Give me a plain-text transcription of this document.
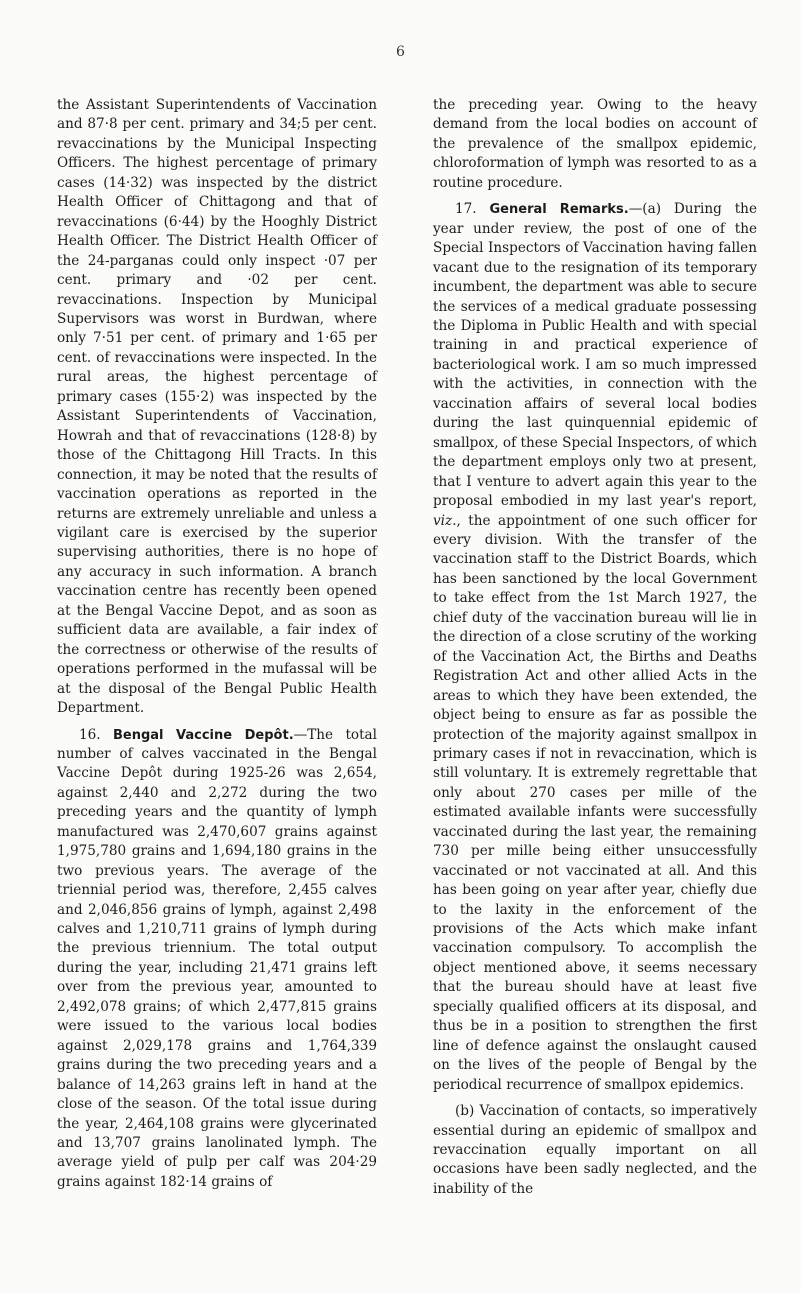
6

the Assistant Superintendents of Vaccination and 87·8 per cent. primary and 34;5 per cent. revaccinations by the Municipal Inspecting Officers. The highest percentage of primary cases (14·32) was inspected by the district Health Officer of Chittagong and that of revaccinations (6·44) by the Hooghly District Health Officer. The District Health Officer of the 24-parganas could only inspect ·07 per cent. primary and ·02 per cent. revaccinations. Inspection by Municipal Supervisors was worst in Burdwan, where only 7·51 per cent. of primary and 1·65 per cent. of revaccinations were inspected. In the rural areas, the highest percentage of primary cases (155·2) was inspected by the Assistant Superintendents of Vaccination, Howrah and that of revaccinations (128·8) by those of the Chittagong Hill Tracts. In this connection, it may be noted that the results of vaccination operations as reported in the returns are extremely unreliable and unless a vigilant care is exercised by the superior supervising authorities, there is no hope of any accuracy in such information. A branch vaccination centre has recently been opened at the Bengal Vaccine Depot, and as soon as sufficient data are available, a fair index of the correctness or otherwise of the results of operations performed in the mufassal will be at the disposal of the Bengal Public Health Department.

16. Bengal Vaccine Depôt.—The total number of calves vaccinated in the Bengal Vaccine Depôt during 1925-26 was 2,654, against 2,440 and 2,272 during the two preceding years and the quantity of lymph manufactured was 2,470,607 grains against 1,975,780 grains and 1,694,180 grains in the two previous years. The average of the triennial period was, therefore, 2,455 calves and 2,046,856 grains of lymph, against 2,498 calves and 1,210,711 grains of lymph during the previous triennium. The total output during the year, including 21,471 grains left over from the previous year, amounted to 2,492,078 grains; of which 2,477,815 grains were issued to the various local bodies against 2,029,178 grains and 1,764,339 grains during the two preceding years and a balance of 14,263 grains left in hand at the close of the season. Of the total issue during the year, 2,464,108 grains were glycerinated and 13,707 grains lanolinated lymph. The average yield of pulp per calf was 204·29 grains against 182·14 grains of

the preceding year. Owing to the heavy demand from the local bodies on account of the prevalence of the smallpox epidemic, chloroformation of lymph was resorted to as a routine procedure.

17. General Remarks.—(a) During the year under review, the post of one of the Special Inspectors of Vaccination having fallen vacant due to the resignation of its temporary incumbent, the department was able to secure the services of a medical graduate possessing the Diploma in Public Health and with special training in and practical experience of bacteriological work. I am so much impressed with the activities, in connection with the vaccination affairs of several local bodies during the last quinquennial epidemic of smallpox, of these Special Inspectors, of which the department employs only two at present, that I venture to advert again this year to the proposal embodied in my last year's report, viz., the appointment of one such officer for every division. With the transfer of the vaccination staff to the District Boards, which has been sanctioned by the local Government to take effect from the 1st March 1927, the chief duty of the vaccination bureau will lie in the direction of a close scrutiny of the working of the Vaccination Act, the Births and Deaths Registration Act and other allied Acts in the areas to which they have been extended, the object being to ensure as far as possible the protection of the majority against smallpox in primary cases if not in revaccination, which is still voluntary. It is extremely regrettable that only about 270 cases per mille of the estimated available infants were successfully vaccinated during the last year, the remaining 730 per mille being either unsuccessfully vaccinated or not vaccinated at all. And this has been going on year after year, chiefly due to the laxity in the enforcement of the provisions of the Acts which make infant vaccination compulsory. To accomplish the object mentioned above, it seems necessary that the bureau should have at least five specially qualified officers at its disposal, and thus be in a position to strengthen the first line of defence against the onslaught caused on the lives of the people of Bengal by the periodical recurrence of smallpox epidemics.

(b) Vaccination of contacts, so imperatively essential during an epidemic of smallpox and revaccination equally important on all occasions have been sadly neglected, and the inability of the
